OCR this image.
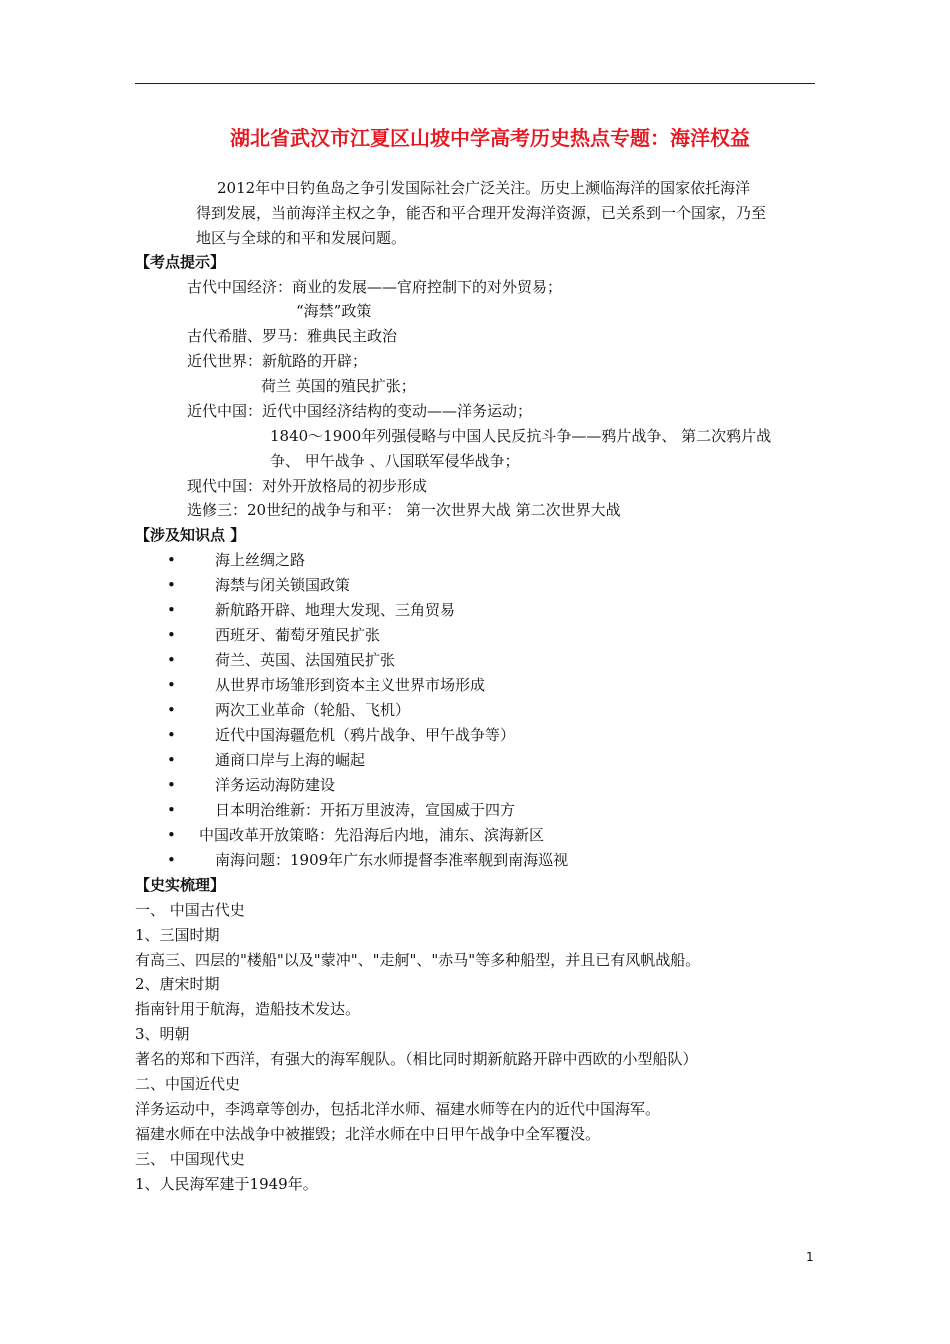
湖北省武汉市江夏区山坡中学高考历史热点专题：海洋权益
2012年中日钓鱼岛之争引发国际社会广泛关注。历史上濒临海洋的国家依托海洋
得到发展，当前海洋主权之争，能否和平合理开发海洋资源，已关系到一个国家，乃至
地区与全球的和平和发展问题。
【考点提示】
古代中国经济：商业的发展——官府控制下的对外贸易；
“海禁”政策
古代希腊、罗马：雅典民主政治
近代世界：新航路的开辟；
荷兰 英国的殖民扩张；
近代中国：近代中国经济结构的变动——洋务运动；
1840～1900年列强侵略与中国人民反抗斗争——鸦片战争、 第二次鸦片战
争、 甲午战争 、八国联军侵华战争；
现代中国：对外开放格局的初步形成
选修三：20世纪的战争与和平： 第一次世界大战 第二次世界大战
【涉及知识点 】
•	海上丝绸之路
•	海禁与闭关锁国政策
•	新航路开辟、地理大发现、三角贸易
•	西班牙、葡萄牙殖民扩张
•	荷兰、英国、法国殖民扩张
•	从世界市场雏形到资本主义世界市场形成
•	两次工业革命（轮船、飞机）
•	近代中国海疆危机（鸦片战争、甲午战争等）
•	通商口岸与上海的崛起
•	洋务运动海防建设
•	日本明治维新：开拓万里波涛，宣国威于四方
• 中国改革开放策略：先沿海后内地，浦东、滨海新区
•	南海问题：1909年广东水师提督李准率舰到南海巡视
【史实梳理】
一、 中国古代史
1、三国时期
有高三、四层的"楼船"以及"蒙冲"、"走舸"、"赤马"等多种船型，并且已有风帆战船。
2、唐宋时期
指南针用于航海，造船技术发达。
3、明朝
著名的郑和下西洋，有强大的海军舰队。（相比同时期新航路开辟中西欧的小型船队）
二、中国近代史
洋务运动中，李鸿章等创办，包括北洋水师、福建水师等在内的近代中国海军。
福建水师在中法战争中被摧毁；北洋水师在中日甲午战争中全军覆没。
三、 中国现代史
1、人民海军建于1949年。
1
